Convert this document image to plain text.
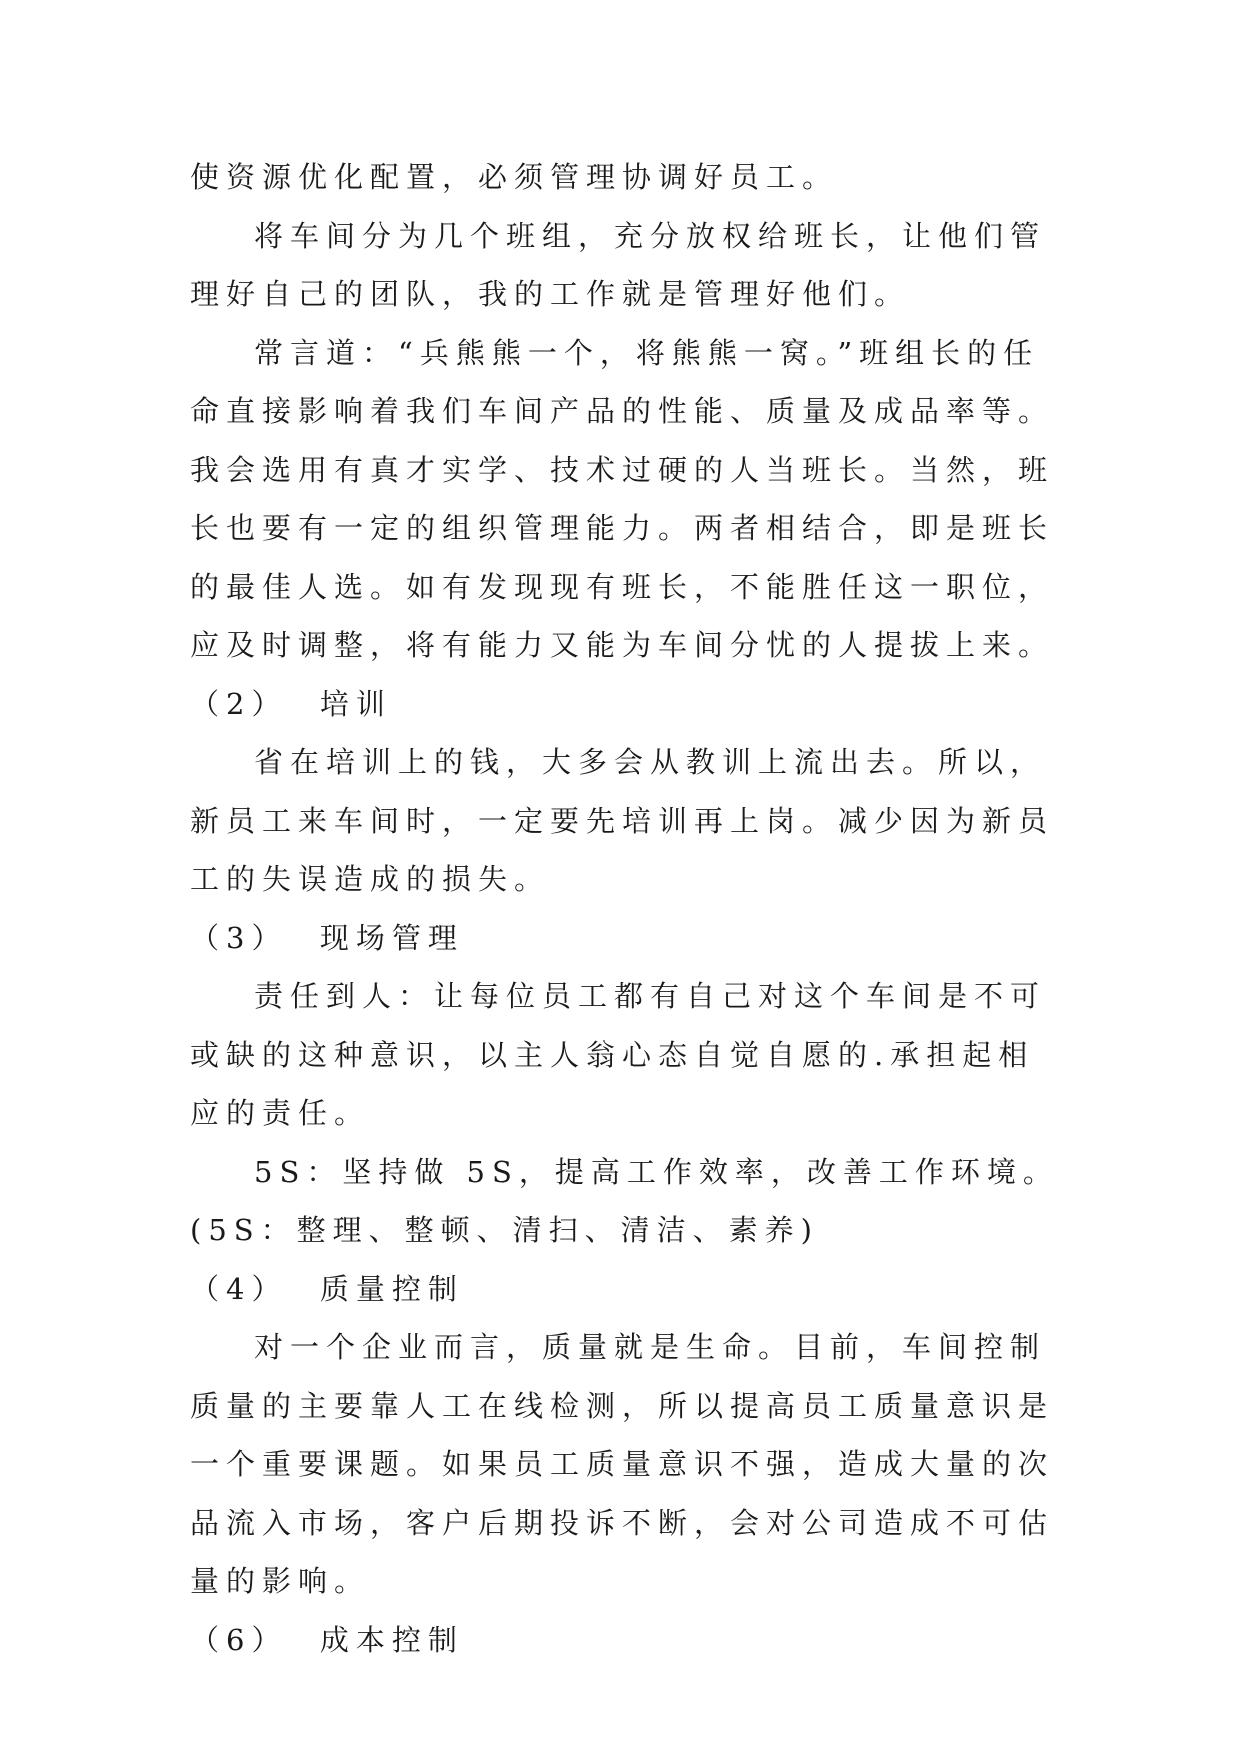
使资源优化配置，必须管理协调好员工。

将车间分为几个班组，充分放权给班长，让他们管理好自己的团队，我的工作就是管理好他们。

常言道：“兵熊熊一个，将熊熊一窝。”班组长的任命直接影响着我们车间产品的性能、质量及成品率等。我会选用有真才实学、技术过硬的人当班长。当然，班长也要有一定的组织管理能力。两者相结合，即是班长的最佳人选。如有发现现有班长，不能胜任这一职位，应及时调整，将有能力又能为车间分忧的人提拔上来。

（2）  培训

省在培训上的钱，大多会从教训上流出去。所以，新员工来车间时，一定要先培训再上岗。减少因为新员工的失误造成的损失。

（3）  现场管理

责任到人：让每位员工都有自己对这个车间是不可或缺的这种意识，以主人翁心态自觉自愿的.承担起相应的责任。

5S：坚持做 5S，提高工作效率，改善工作环境。(5S：整理、整顿、清扫、清洁、素养)

（4）  质量控制

对一个企业而言，质量就是生命。目前，车间控制质量的主要靠人工在线检测，所以提高员工质量意识是一个重要课题。如果员工质量意识不强，造成大量的次品流入市场，客户后期投诉不断，会对公司造成不可估量的影响。

（6）  成本控制
